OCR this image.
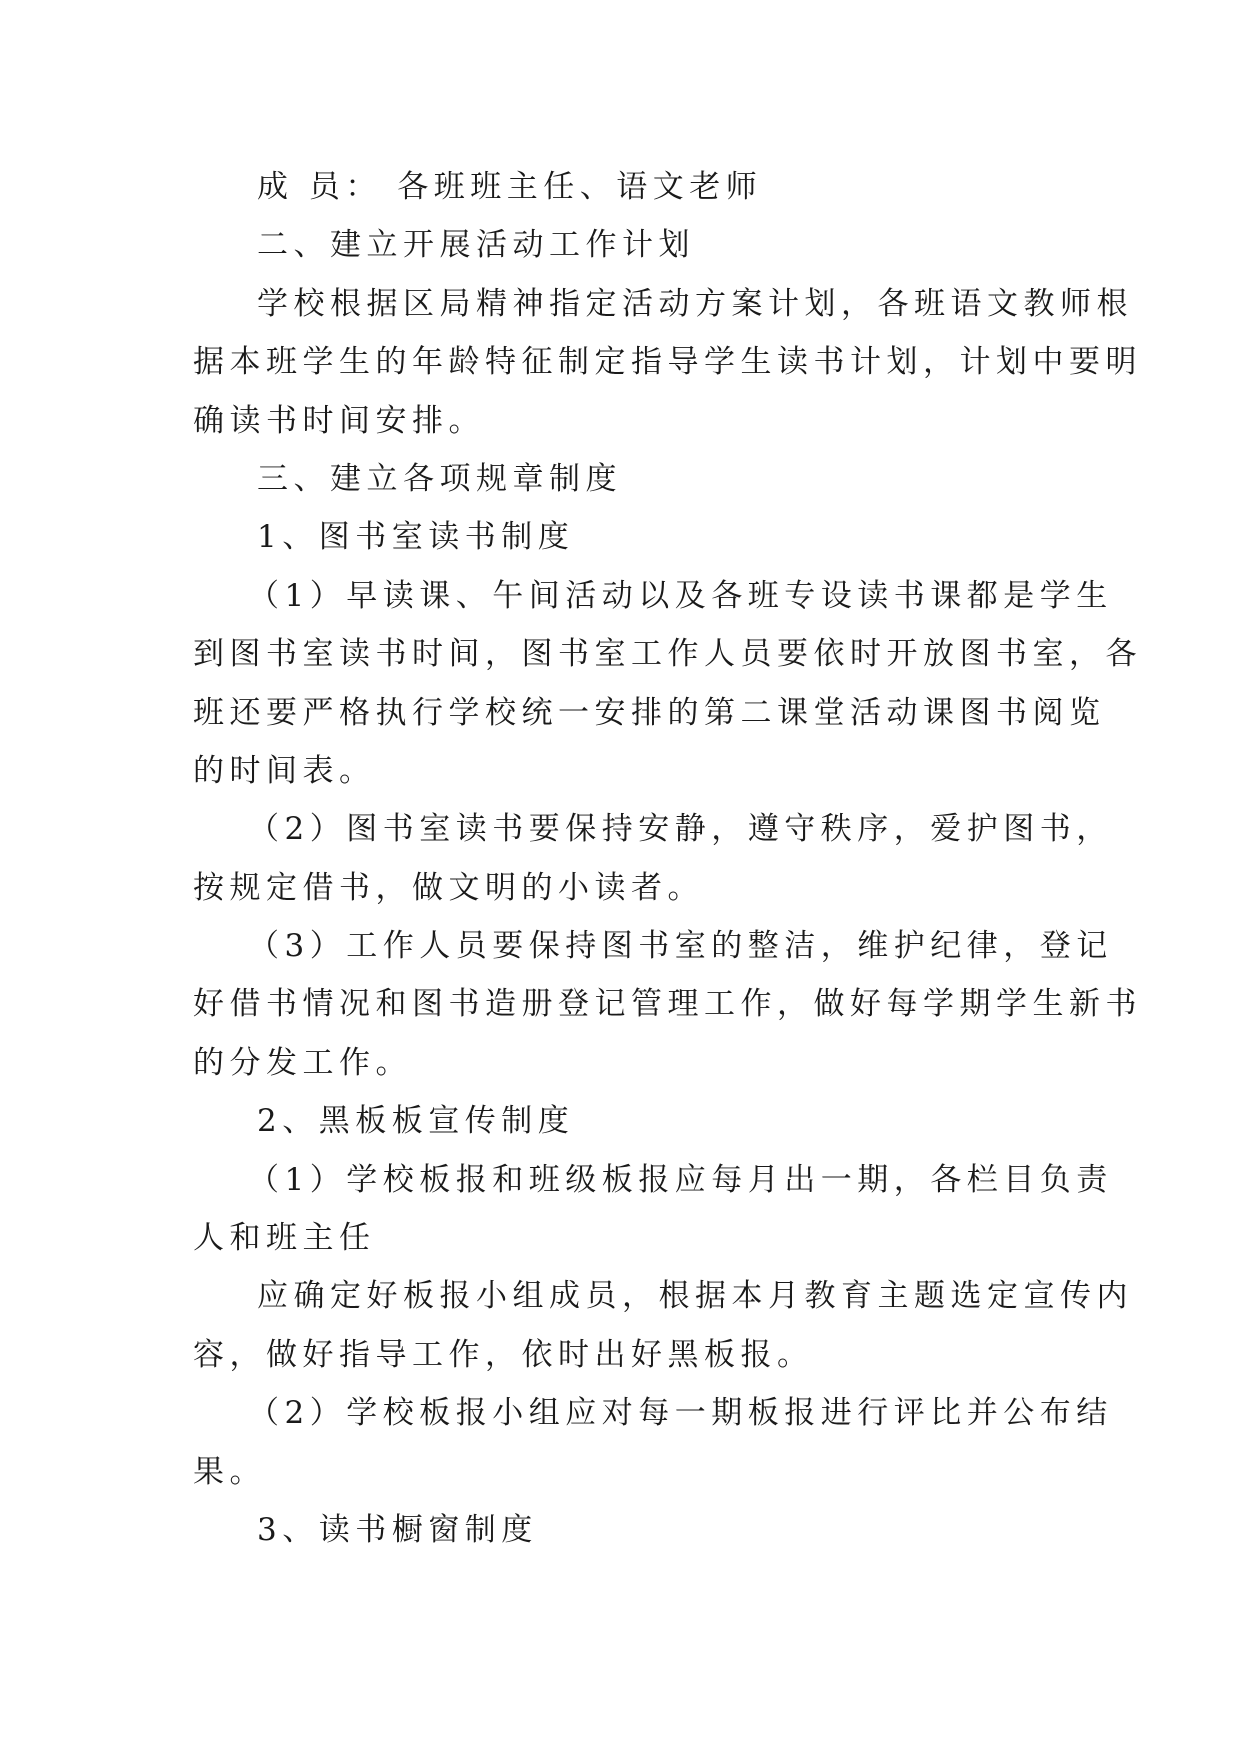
成 员： 各班班主任、语文老师

二、建立开展活动工作计划

学校根据区局精神指定活动方案计划，各班语文教师根

据本班学生的年龄特征制定指导学生读书计划，计划中要明

确读书时间安排。

三、建立各项规章制度

1、图书室读书制度

（1）早读课、午间活动以及各班专设读书课都是学生

到图书室读书时间，图书室工作人员要依时开放图书室，各

班还要严格执行学校统一安排的第二课堂活动课图书阅览

的时间表。

（2）图书室读书要保持安静，遵守秩序，爱护图书，

按规定借书，做文明的小读者。

（3）工作人员要保持图书室的整洁，维护纪律，登记

好借书情况和图书造册登记管理工作，做好每学期学生新书

的分发工作。

2、黑板板宣传制度

（1）学校板报和班级板报应每月出一期，各栏目负责

人和班主任

应确定好板报小组成员，根据本月教育主题选定宣传内

容，做好指导工作，依时出好黑板报。

（2）学校板报小组应对每一期板报进行评比并公布结

果。

3、读书橱窗制度
